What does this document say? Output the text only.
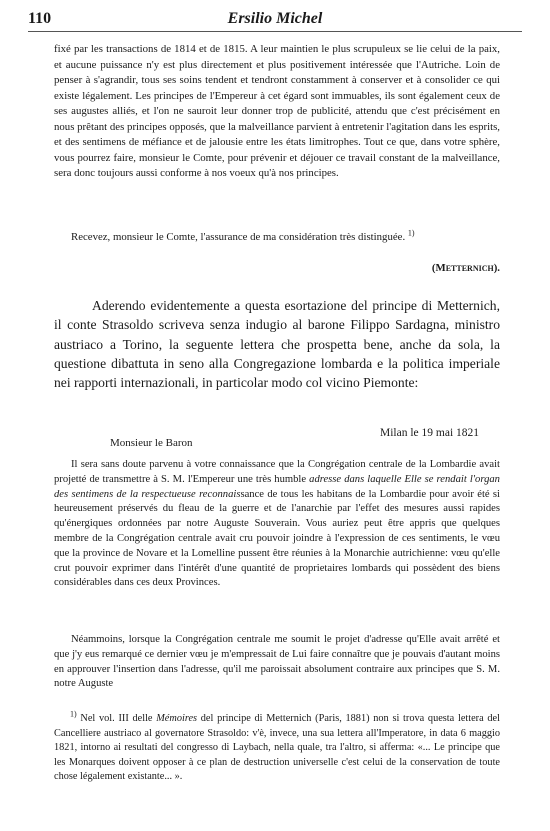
110	Ersilio Michel

fixé par les transactions de 1814 et de 1815. A leur maintien le plus scrupuleux se lie celui de la paix, et aucune puissance n'y est plus directement et plus positivement intéressée que l'Autriche. Loin de penser à s'agrandir, tous ses soins tendent et tendront constamment à conserver et à consolider ce qui existe légalement. Les principes de l'Empereur à cet égard sont immuables, ils sont également ceux de ses augustes alliés, et l'on ne sauroit leur donner trop de publicité, attendu que c'est précisément en nous prêtant des principes opposés, que la malveillance parvient à entretenir l'agitation dans les esprits, et des sentimens de méfiance et de jalousie entre les états limitrophes. Tout ce que, dans votre sphère, vous pourrez faire, monsieur le Comte, pour prévenir et déjouer ce travail constant de la malveillance, sera donc toujours aussi conforme à nos voeux qu'à nos principes.

Recevez, monsieur le Comte, l'assurance de ma considération très distinguée. $^{1)}$

(Metternich).

Aderendo evidentemente a questa esortazione del principe di Metternich, il conte Strasoldo scriveva senza indugio al barone Filippo Sardagna, ministro austriaco a Torino, la seguente lettera che prospetta bene, anche da sola, la questione dibattuta in seno alla Congregazione lombarda e la politica imperiale nei rapporti internazionali, in particolar modo col vicino Piemonte:

Milan le 19 mai 1821

Monsieur le Baron

Il sera sans doute parvenu à votre connaissance que la Congrégation centrale de la Lombardie avait projetté de transmettre à S. M. l'Empereur une très humble adresse dans laquelle Elle se rendait l'organ des sentimens de la respectueuse reconnaissance de tous les habitans de la Lombardie pour avoir été si heureusement préservés du fleau de la guerre et de l'anarchie par l'effet des mesures aussi rapides qu'énergiques ordonnées par notre Auguste Souverain. Vous auriez peut être appris que quelques membre de la Congrégation centrale avait cru pouvoir joindre à l'expression de ces sentiments, le vœu que la province de Novare et la Lomelline pussent être réunies à la Monarchie autrichienne: vœu qu'elle crut pouvoir exprimer dans l'intérêt d'une quantité de proprietaires lombards qui possèdent des biens considérables dans ces deux Provinces.

Néammoins, lorsque la Congrégation centrale me soumit le projet d'adresse qu'Elle avait arrêté et que j'y eus remarqué ce dernier vœu je m'empressait de Lui faire connaître que je pouvais d'autant moins en approuver l'insertion dans l'adresse, qu'il me paroissait absolument contraire aux principes que S. M. notre Auguste

$^{1)}$ Nel vol. III delle Mémoires del principe di Metternich (Paris, 1881) non si trova questa lettera del Cancelliere austriaco al governatore Strasoldo: v'è, invece, una sua lettera all'Imperatore, in data 6 maggio 1821, intorno ai resultati del congresso di Laybach, nella quale, tra l'altro, si afferma: «... Le principe que les Monarques doivent opposer à ce plan de destruction universelle c'est celui de la conservation de toute chose légalement existante... ».
